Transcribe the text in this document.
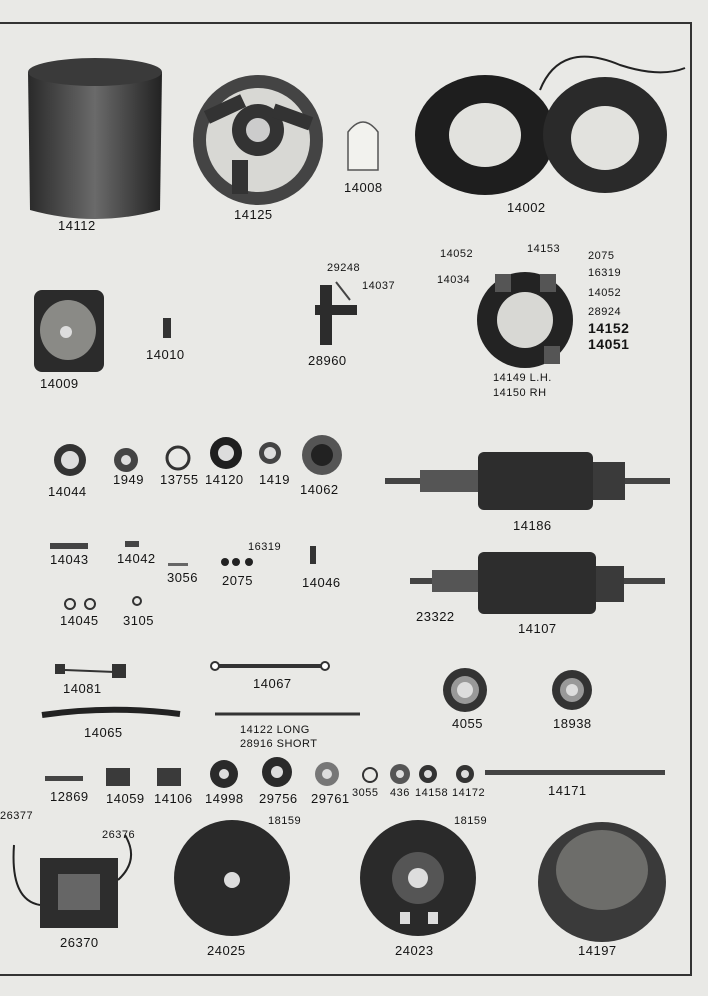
14112
14125
14008
14002
14052	14153
2075
16319
14034
14052
29248
14037
28924
14152
14051
14009
14010	28960
14149 L.H.
14150 RH
14044
1949 13755 14120 1419
14062
14186
14043 14042
16319
3056 2075	14046
14045 3105	23322
14107
14081	14067
4055	18938
14065	14122 LONG
28916 SHORT
12869 14059 14106 14998 29756 29761 3055 436 14158 14172	14171
26377
26376
18159	18159
26370
24025	24023	14197
